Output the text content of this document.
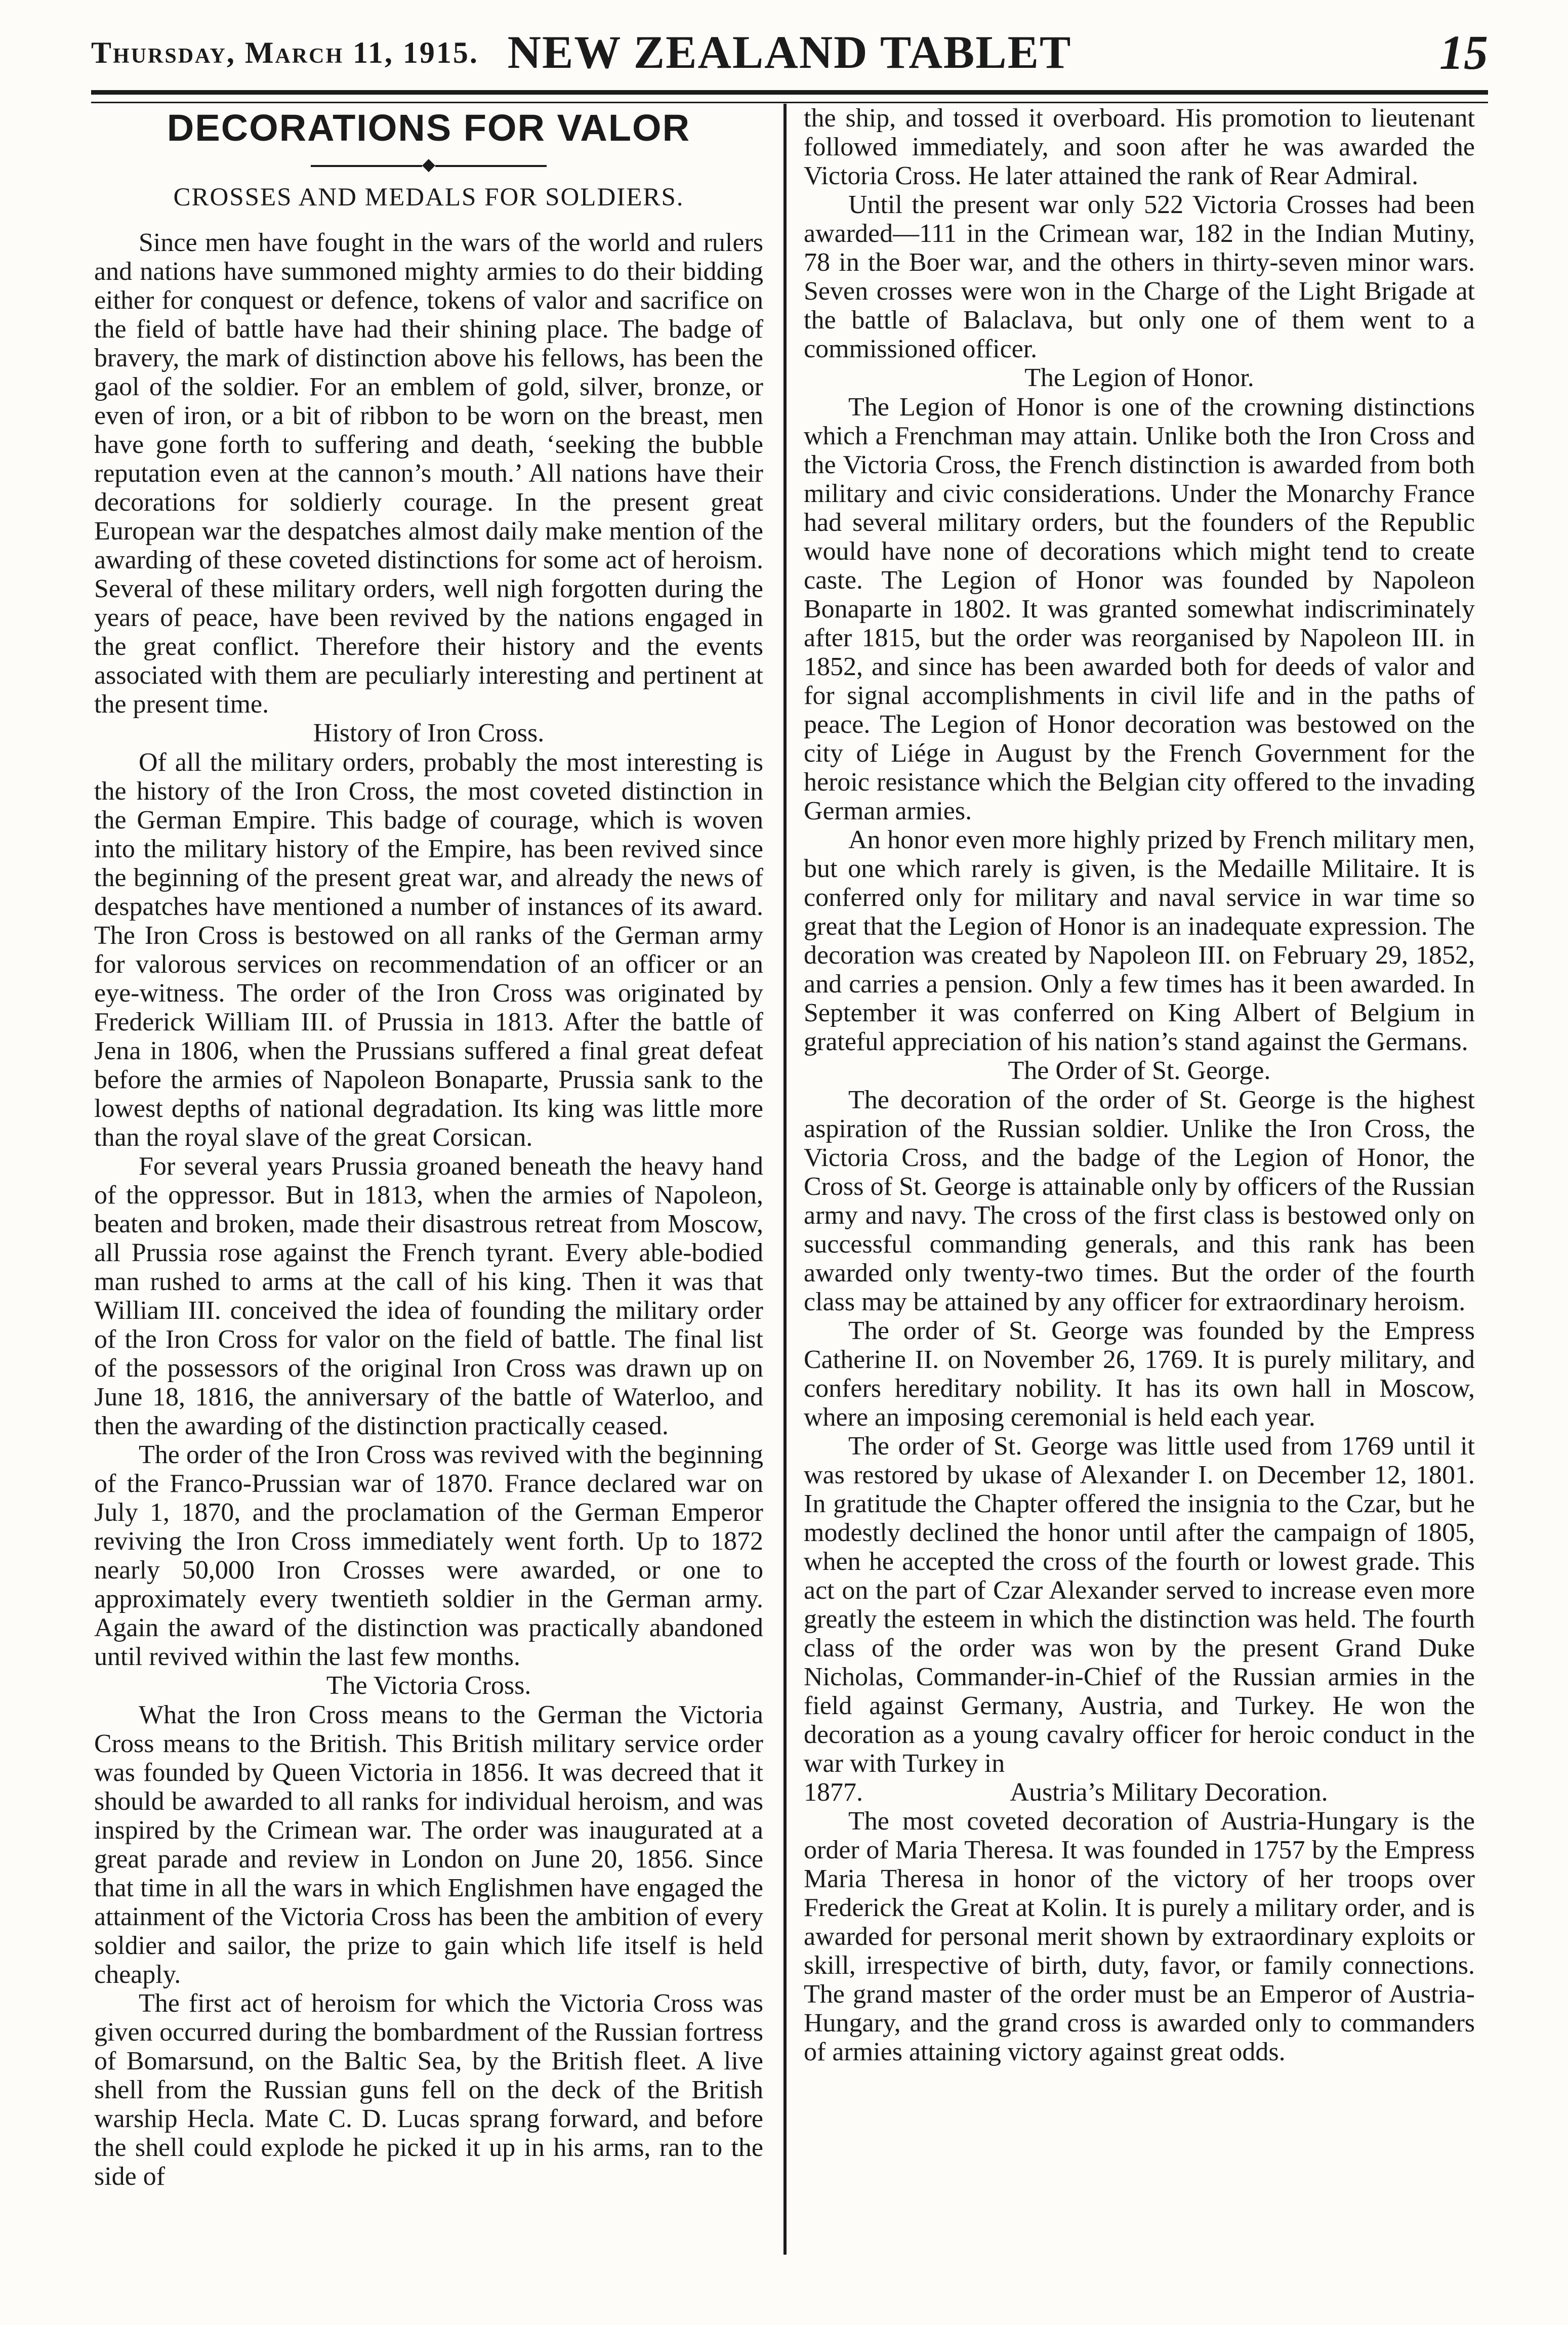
Thursday, March 11, 1915. NEW ZEALAND TABLET	15
DECORATIONS FOR VALOR
◆
CROSSES AND MEDALS FOR SOLDIERS.

Since men have fought in the wars of the world and rulers and nations have summoned mighty armies to do their bidding either for conquest or defence, tokens of valor and sacrifice on the field of battle have had their shining place. The badge of bravery, the mark of distinction above his fellows, has been the gaol of the soldier. For an emblem of gold, silver, bronze, or even of iron, or a bit of ribbon to be worn on the breast, men have gone forth to suffering and death, ‘seeking the bubble reputation even at the cannon’s mouth.’ All nations have their decorations for soldierly courage. In the present great European war the despatches almost daily make mention of the awarding of these coveted distinctions for some act of heroism. Several of these military orders, well nigh forgotten during the years of peace, have been revived by the nations engaged in the great conflict. Therefore their history and the events associated with them are peculiarly interesting and pertinent at the present time.

History of Iron Cross.

Of all the military orders, probably the most interesting is the history of the Iron Cross, the most coveted distinction in the German Empire. This badge of courage, which is woven into the military history of the Empire, has been revived since the beginning of the present great war, and already the news of despatches have mentioned a number of instances of its award. The Iron Cross is bestowed on all ranks of the German army for valorous services on recommendation of an officer or an eye-witness. The order of the Iron Cross was originated by Frederick William III. of Prussia in 1813. After the battle of Jena in 1806, when the Prussians suffered a final great defeat before the armies of Napoleon Bonaparte, Prussia sank to the lowest depths of national degradation. Its king was little more than the royal slave of the great Corsican.

For several years Prussia groaned beneath the heavy hand of the oppressor. But in 1813, when the armies of Napoleon, beaten and broken, made their disastrous retreat from Moscow, all Prussia rose against the French tyrant. Every able-bodied man rushed to arms at the call of his king. Then it was that William III. conceived the idea of founding the military order of the Iron Cross for valor on the field of battle. The final list of the possessors of the original Iron Cross was drawn up on June 18, 1816, the anniversary of the battle of Waterloo, and then the awarding of the distinction practically ceased.

The order of the Iron Cross was revived with the beginning of the Franco-Prussian war of 1870. France declared war on July 1, 1870, and the proclamation of the German Emperor reviving the Iron Cross immediately went forth. Up to 1872 nearly 50,000 Iron Crosses were awarded, or one to approximately every twentieth soldier in the German army. Again the award of the distinction was practically abandoned until revived within the last few months.

The Victoria Cross.

What the Iron Cross means to the German the Victoria Cross means to the British. This British military service order was founded by Queen Victoria in 1856. It was decreed that it should be awarded to all ranks for individual heroism, and was inspired by the Crimean war. The order was inaugurated at a great parade and review in London on June 20, 1856. Since that time in all the wars in which Englishmen have engaged the attainment of the Victoria Cross has been the ambition of every soldier and sailor, the prize to gain which life itself is held cheaply.

The first act of heroism for which the Victoria Cross was given occurred during the bombardment of the Russian fortress of Bomarsund, on the Baltic Sea, by the British fleet. A live shell from the Russian guns fell on the deck of the British warship Hecla. Mate C. D. Lucas sprang forward, and before the shell could explode he picked it up in his arms, ran to the side of

the ship, and tossed it overboard. His promotion to lieutenant followed immediately, and soon after he was awarded the Victoria Cross. He later attained the rank of Rear Admiral.

Until the present war only 522 Victoria Crosses had been awarded—111 in the Crimean war, 182 in the Indian Mutiny, 78 in the Boer war, and the others in thirty-seven minor wars. Seven crosses were won in the Charge of the Light Brigade at the battle of Balaclava, but only one of them went to a commissioned officer.

The Legion of Honor.

The Legion of Honor is one of the crowning distinctions which a Frenchman may attain. Unlike both the Iron Cross and the Victoria Cross, the French distinction is awarded from both military and civic considerations. Under the Monarchy France had several military orders, but the founders of the Republic would have none of decorations which might tend to create caste. The Legion of Honor was founded by Napoleon Bonaparte in 1802. It was granted somewhat indiscriminately after 1815, but the order was reorganised by Napoleon III. in 1852, and since has been awarded both for deeds of valor and for signal accomplishments in civil life and in the paths of peace. The Legion of Honor decoration was bestowed on the city of Liége in August by the French Government for the heroic resistance which the Belgian city offered to the invading German armies.

An honor even more highly prized by French military men, but one which rarely is given, is the Medaille Militaire. It is conferred only for military and naval service in war time so great that the Legion of Honor is an inadequate expression. The decoration was created by Napoleon III. on February 29, 1852, and carries a pension. Only a few times has it been awarded. In September it was conferred on King Albert of Belgium in grateful appreciation of his nation’s stand against the Germans.

The Order of St. George.

The decoration of the order of St. George is the highest aspiration of the Russian soldier. Unlike the Iron Cross, the Victoria Cross, and the badge of the Legion of Honor, the Cross of St. George is attainable only by officers of the Russian army and navy. The cross of the first class is bestowed only on successful commanding generals, and this rank has been awarded only twenty-two times. But the order of the fourth class may be attained by any officer for extraordinary heroism.

The order of St. George was founded by the Empress Catherine II. on November 26, 1769. It is purely military, and confers hereditary nobility. It has its own hall in Moscow, where an imposing ceremonial is held each year.

The order of St. George was little used from 1769 until it was restored by ukase of Alexander I. on December 12, 1801. In gratitude the Chapter offered the insignia to the Czar, but he modestly declined the honor until after the campaign of 1805, when he accepted the cross of the fourth or lowest grade. This act on the part of Czar Alexander served to increase even more greatly the esteem in which the distinction was held. The fourth class of the order was won by the present Grand Duke Nicholas, Commander-in-Chief of the Russian armies in the field against Germany, Austria, and Turkey. He won the decoration as a young cavalry officer for heroic conduct in the war with Turkey in

1877.	Austria’s Military Decoration.

The most coveted decoration of Austria-Hungary is the order of Maria Theresa. It was founded in 1757 by the Empress Maria Theresa in honor of the victory of her troops over Frederick the Great at Kolin. It is purely a military order, and is awarded for personal merit shown by extraordinary exploits or skill, irrespective of birth, duty, favor, or family connections. The grand master of the order must be an Emperor of Austria-Hungary, and the grand cross is awarded only to commanders of armies attaining victory against great odds.
